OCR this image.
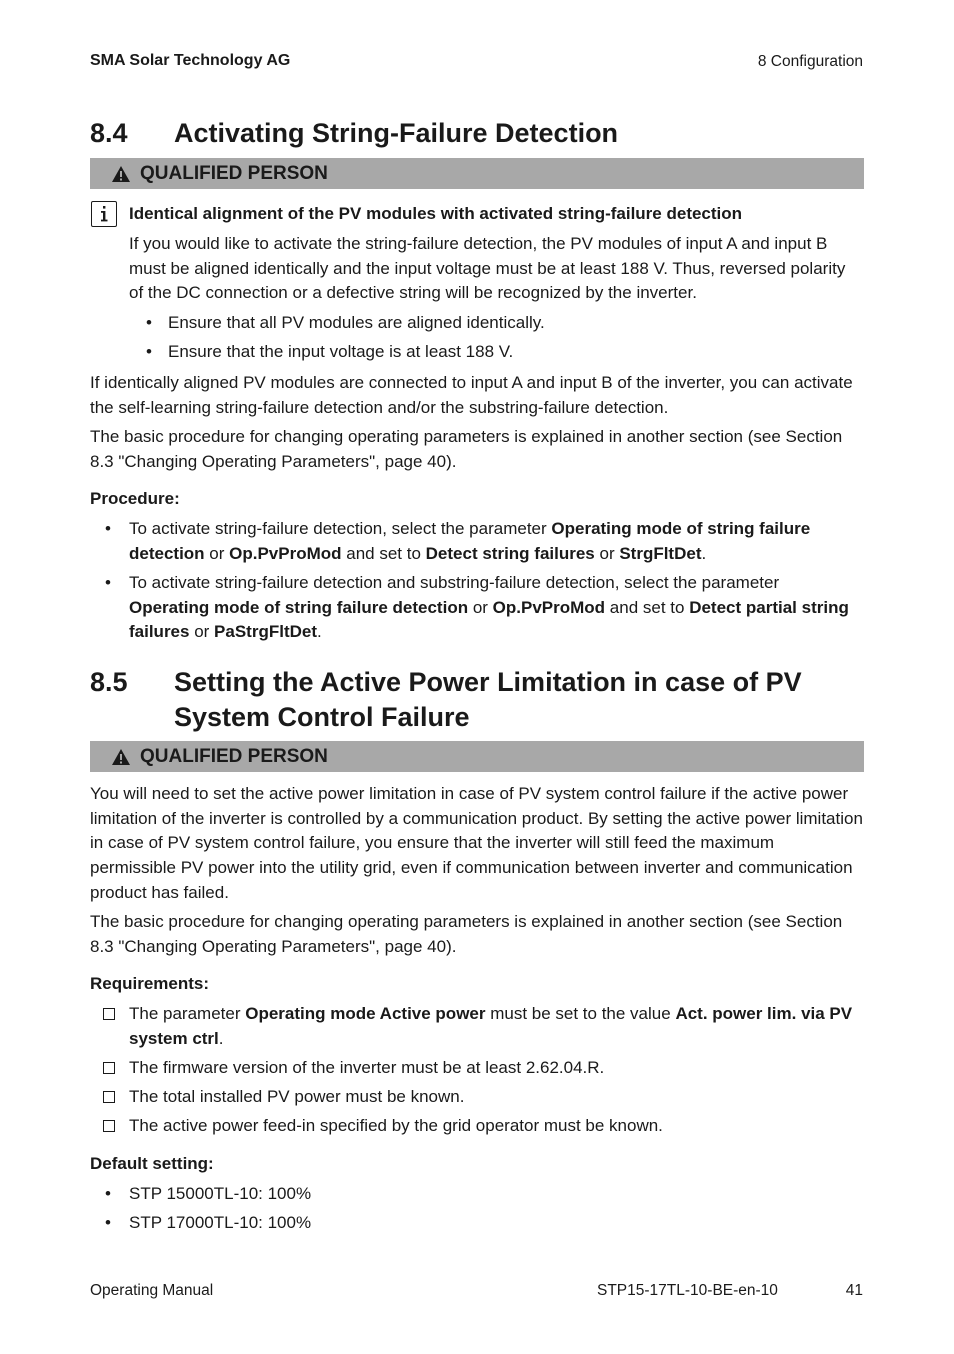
SMA Solar Technology AG	8 Configuration
8.4 Activating String-Failure Detection
QUALIFIED PERSON
Identical alignment of the PV modules with activated string-failure detection
If you would like to activate the string-failure detection, the PV modules of input A and input B must be aligned identically and the input voltage must be at least 188 V. Thus, reversed polarity of the DC connection or a defective string will be recognized by the inverter.
• Ensure that all PV modules are aligned identically.
• Ensure that the input voltage is at least 188 V.
If identically aligned PV modules are connected to input A and input B of the inverter, you can activate the self-learning string-failure detection and/or the substring-failure detection.
The basic procedure for changing operating parameters is explained in another section (see Section 8.3 "Changing Operating Parameters", page 40).
Procedure:
•	To activate string-failure detection, select the parameter Operating mode of string failure detection or Op.PvProMod and set to Detect string failures or StrgFltDet.
•	To activate string-failure detection and substring-failure detection, select the parameter Operating mode of string failure detection or Op.PvProMod and set to Detect partial string failures or PaStrgFltDet.
8.5 Setting the Active Power Limitation in case of PV
System Control Failure
QUALIFIED PERSON
You will need to set the active power limitation in case of PV system control failure if the active power limitation of the inverter is controlled by a communication product. By setting the active power limitation in case of PV system control failure, you ensure that the inverter will still feed the maximum permissible PV power into the utility grid, even if communication between inverter and communication product has failed.
The basic procedure for changing operating parameters is explained in another section (see Section 8.3 "Changing Operating Parameters", page 40).
Requirements:
The parameter Operating mode Active power must be set to the value Act. power lim. via PV system ctrl.
The firmware version of the inverter must be at least 2.62.04.R.
The total installed PV power must be known.
The active power feed-in specified by the grid operator must be known.
Default setting:
•	STP 15000TL-10: 100%
•	STP 17000TL-10: 100%
Operating Manual	STP15-17TL-10-BE-en-10	41
